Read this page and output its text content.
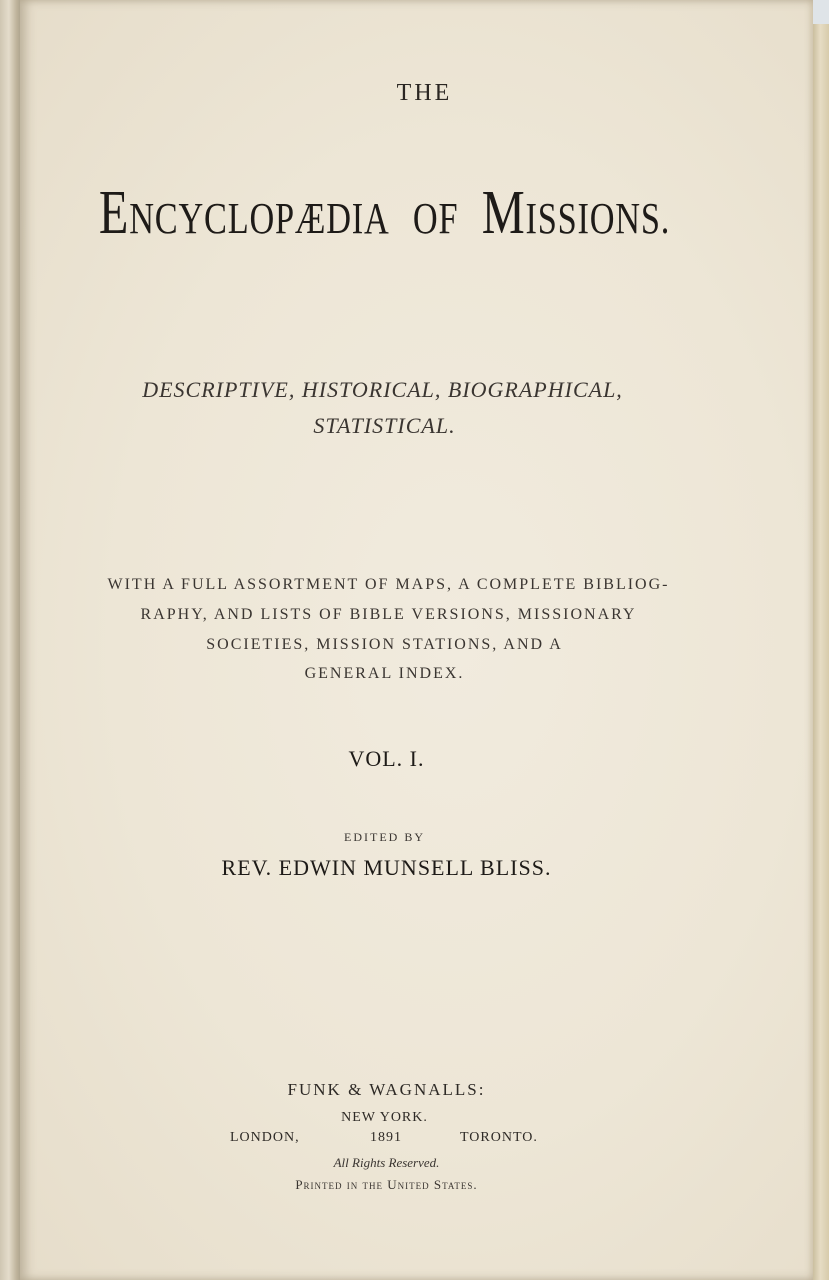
THE
ENCYCLOPÆDIA OF MISSIONS.
DESCRIPTIVE, HISTORICAL, BIOGRAPHICAL,
STATISTICAL.
WITH A FULL ASSORTMENT OF MAPS, A COMPLETE BIBLIOG-
RAPHY, AND LISTS OF BIBLE VERSIONS, MISSIONARY
SOCIETIES, MISSION STATIONS, AND A
GENERAL INDEX.
VOL. I.
EDITED BY
REV. EDWIN MUNSELL BLISS.
FUNK & WAGNALLS:
NEW YORK.
LONDON,	1891	TORONTO.
All Rights Reserved.
Printed in the United States.
